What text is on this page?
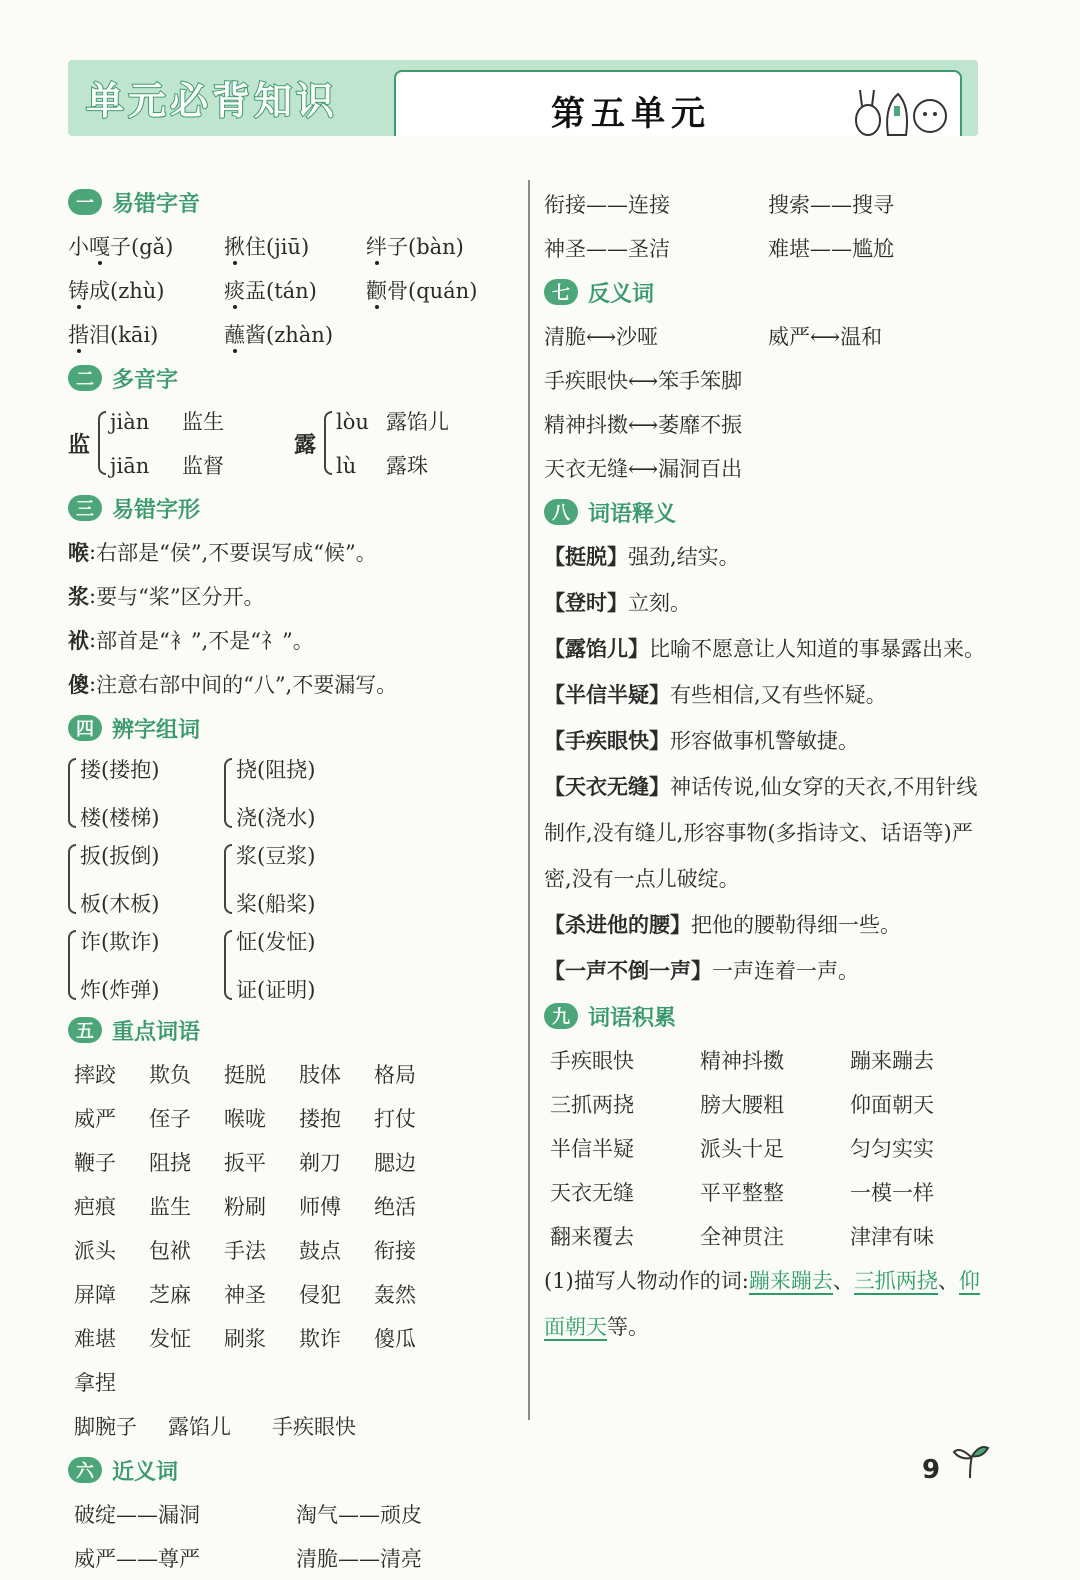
单元必背知识	第五单元
一 易错字音
小嘎子(gǎ)	揪住(jiū)	绊子(bàn)
铸成(zhù)	痰盂(tán)	颧骨(quán)
揩泪(kāi)	蘸酱(zhàn)
二 多音字
监
jiàn 监生
jiān 监督
露
lòu 露馅儿
lù 露珠
三 易错字形
喉 : 右部是“侯”,不要误写成“候”。
浆 : 要与“桨”区分开。
袱 : 部首是“衤”,不是“礻”。
傻 : 注意右部中间的“八”,不要漏写。
四 辨字组词
搂(搂抱)
楼(楼梯)
挠(阻挠)
浇(浇水)
扳(扳倒)
板(木板)
浆(豆浆)
桨(船桨)
诈(欺诈)
炸(炸弹)
怔(发怔)
证(证明)
五 重点词语
摔跤	欺负	挺脱	肢体	格局
威严	侄子	喉咙	搂抱	打仗
鞭子	阻挠	扳平	剃刀	腮边
疤痕	监生	粉刷	师傅	绝活
派头	包袱	手法	鼓点	衔接
屏障	芝麻	神圣	侵犯	轰然
难堪	发怔	刷浆	欺诈	傻瓜
拿捏
脚腕子	露馅儿	手疾眼快
六 近义词
破绽——漏洞	淘气——顽皮
威严——尊严	清脆——清亮
衔接——连接	搜索——搜寻
神圣——圣洁	难堪——尴尬
七 反义词
清脆⟷沙哑	威严⟷温和
手疾眼快⟷笨手笨脚
精神抖擞⟷萎靡不振
天衣无缝⟷漏洞百出
八 词语释义
【挺脱】强劲,结实。
【登时】立刻。
【露馅儿】比喻不愿意让人知道的事暴露出来。
【半信半疑】有些相信,又有些怀疑。
【手疾眼快】形容做事机警敏捷。
【天衣无缝】神话传说,仙女穿的天衣,不用针线制作,没有缝儿,形容事物(多指诗文、话语等)严密,没有一点儿破绽。
【杀进他的腰】把他的腰勒得细一些。
【一声不倒一声】一声连着一声。
九 词语积累
手疾眼快	精神抖擞	蹦来蹦去
三抓两挠	膀大腰粗	仰面朝天
半信半疑	派头十足	匀匀实实
天衣无缝	平平整整	一模一样
翻来覆去	全神贯注	津津有味
(1)描写人物动作的词:蹦来蹦去、三抓两挠、仰面朝天等。
9
